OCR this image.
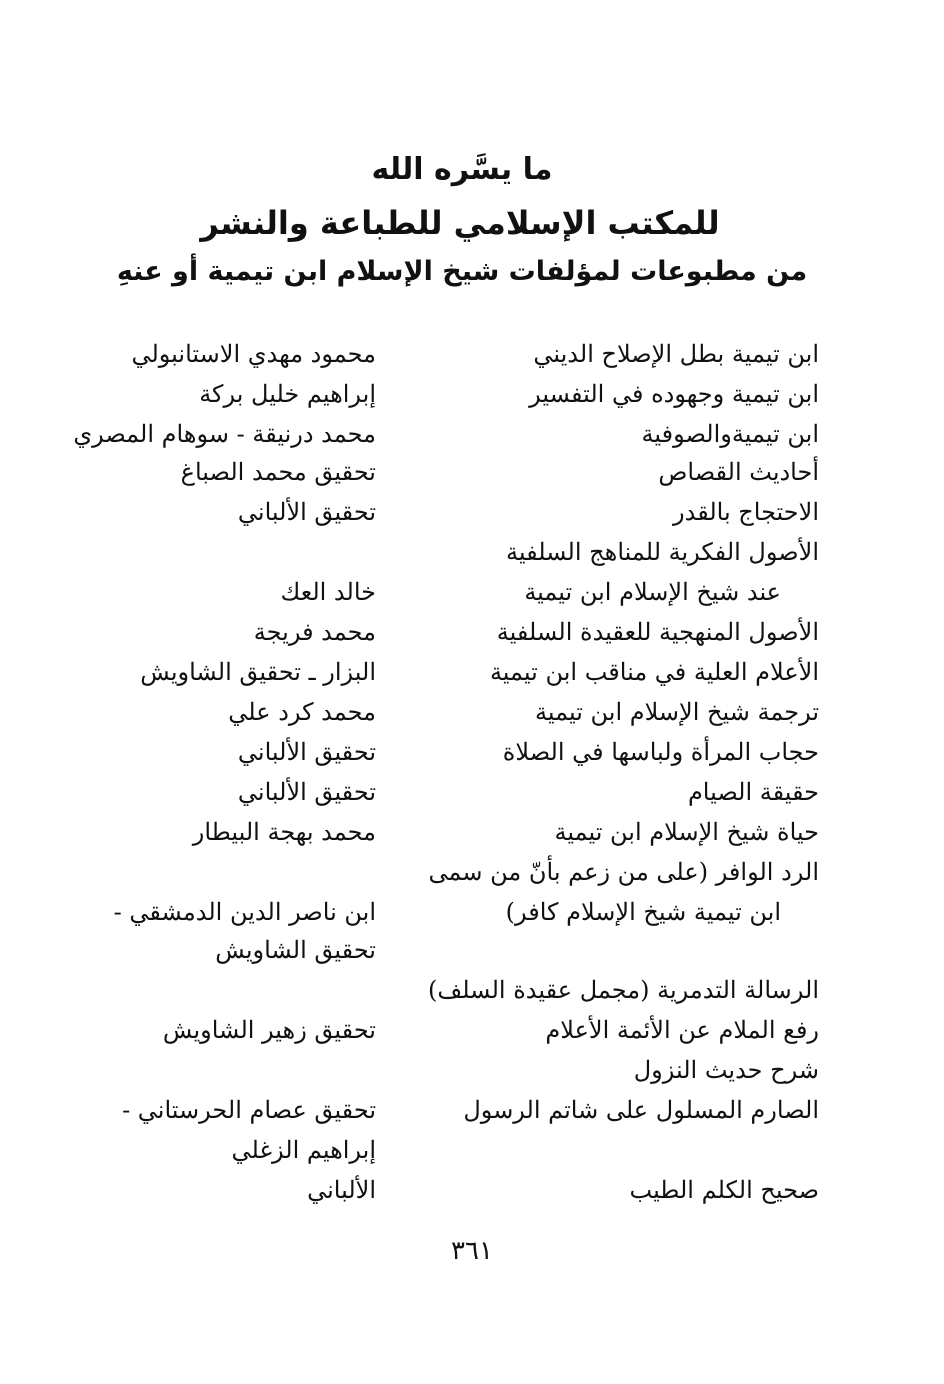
ما يسَّره الله
للمكتب الإسلامي للطباعة والنشر
من مطبوعات لمؤلفات شيخ الإسلام ابن تيمية أو عنهِ
ابن تيمية بطل الإصلاح الديني
ابن تيمية وجهوده في التفسير
ابن تيميةوالصوفية
أحاديث القصاص
الاحتجاج بالقدر
الأصول الفكرية للمناهج السلفية
عند شيخ الإسلام ابن تيمية
الأصول المنهجية للعقيدة السلفية
الأعلام العلية في مناقب ابن تيمية
ترجمة شيخ الإسلام ابن تيمية
حجاب المرأة ولباسها في الصلاة
حقيقة الصيام
حياة شيخ الإسلام ابن تيمية
الرد الوافر (على من زعم بأنّ من سمى
ابن تيمية شيخ الإسلام كافر)
الرسالة التدمرية (مجمل عقيدة السلف)
رفع الملام عن الأئمة الأعلام
شرح حديث النزول
الصارم المسلول على شاتم الرسول
صحيح الكلم الطيب
محمود مهدي الاستانبولي
إبراهيم خليل بركة
محمد درنيقة - سوهام المصري
تحقيق محمد الصباغ
تحقيق الألباني
خالد العك
محمد فريجة
البزار ـ تحقيق الشاويش
محمد كرد علي
تحقيق الألباني
تحقيق الألباني
محمد بهجة البيطار
ابن ناصر الدين الدمشقي -
تحقيق الشاويش
تحقيق زهير الشاويش
تحقيق عصام الحرستاني -
إبراهيم الزغلي
الألباني
٣٦١
